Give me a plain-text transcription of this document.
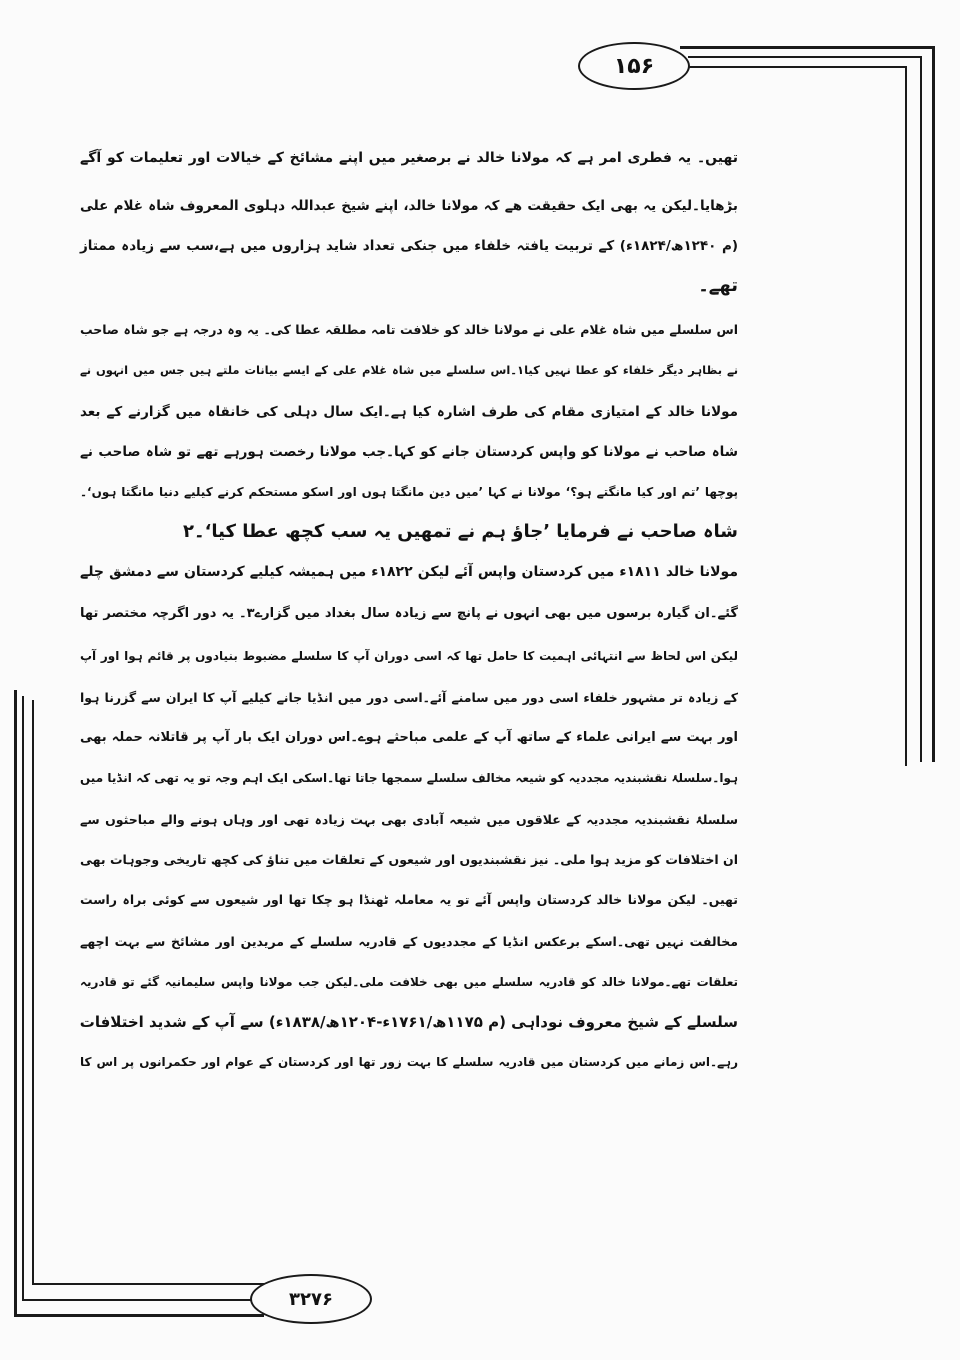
۱۵۶
تھیں۔ یہ فطری امر ہے کہ مولانا خالد نے برصغیر میں اپنے مشائخ کے خیالات اور تعلیمات کو آگے
بڑھایا۔لیکن یہ بھی ایک حقیقت ھے کہ مولانا خالد، اپنے شیخ عبداللہ دہلوی المعروف شاہ غلام علی
(م ۱۲۴۰ھ/۱۸۲۴ء) کے تربیت یافتہ خلفاء میں جنکی تعداد شاید ہزاروں میں ہے،سب سے زیادہ ممتاز
تھے۔
اس سلسلے میں شاہ غلام علی نے مولانا خالد کو خلافت تامہ مطلقہ عطا کی۔ یہ وہ درجہ ہے جو شاہ صاحب
نے بظاہر دیگر خلفاء کو عطا نہیں کیا۱۔اس سلسلے میں شاہ غلام علی کے ایسے بیانات ملتے ہیں جس میں انہوں نے
مولانا خالد کے امتیازی مقام کی طرف اشارہ کیا ہے۔ایک سال دہلی کی خانقاہ میں گزارنے کے بعد
شاہ صاحب نے مولانا کو واپس کردستان جانے کو کہا۔جب مولانا رخصت ہورہے تھے تو شاہ صاحب نے
پوچھا ’تم اور کیا مانگتے ہو؟‘ مولانا نے کہا ’میں دین مانگتا ہوں اور اسکو مستحکم کرنے کیلیے دنیا مانگتا ہوں‘۔
شاہ صاحب نے فرمایا ’جاؤ ہم نے تمھیں یہ سب کچھ عطا کیا‘۔۲
مولانا خالد ۱۸۱۱ء میں کردستان واپس آئے لیکن ۱۸۲۲ء میں ہمیشہ کیلیے کردستان سے دمشق چلے
گئے۔ان گیارہ برسوں میں بھی انہوں نے پانچ سے زیادہ سال بغداد میں گزارے۳۔ یہ دور اگرچہ مختصر تھا
لیکن اس لحاظ سے انتہائی اہمیت کا حامل تھا کہ اسی دوران آپ کا سلسلے مضبوط بنیادوں پر قائم ہوا اور آپ
کے زیادہ تر مشہور خلفاء اسی دور میں سامنے آئے۔اسی دور میں انڈیا جانے کیلیے آپ کا ایران سے گزرنا ہوا
اور بہت سے ایرانی علماء کے ساتھ آپ کے علمی مباحثے ہوے۔اس دوران ایک بار آپ پر قاتلانہ حملہ بھی
ہوا۔سلسلۂ نقشبندیہ مجددیہ کو شیعہ مخالف سلسلے سمجھا جاتا تھا۔اسکی ایک اہم وجہ تو یہ تھی کہ انڈیا میں
سلسلۂ نقشبندیہ مجددیہ کے علاقوں میں شیعہ آبادی بھی بہت زیادہ تھی اور وہاں ہونے والے مباحثوں سے
ان اختلافات کو مزید ہوا ملی۔ نیز نقشبندیوں اور شیعوں کے تعلقات میں تناؤ کی کچھ تاریخی وجوہات بھی
تھیں۔ لیکن مولانا خالد کردستان واپس آئے تو یہ معاملہ ٹھنڈا ہو چکا تھا اور شیعوں سے کوئی براہ راست
مخالفت نہیں تھی۔اسکے برعکس انڈیا کے مجددیوں کے قادریہ سلسلے کے مریدین اور مشائخ سے بہت اچھے
تعلقات تھے۔مولانا خالد کو قادریہ سلسلے میں بھی خلافت ملی۔لیکن جب مولانا واپس سلیمانیہ گئے تو قادریہ
سلسلے کے شیخ معروف نوداہی (م ۱۱۷۵ھ/۱۷۶۱ء-۱۲۰۴ھ/۱۸۳۸ء) سے آپ کے شدید اختلافات
رہے۔اس زمانے میں کردستان میں قادریہ سلسلے کا بہت زور تھا اور کردستان کے عوام اور حکمرانوں پر اس کا
۳۲۷۶
